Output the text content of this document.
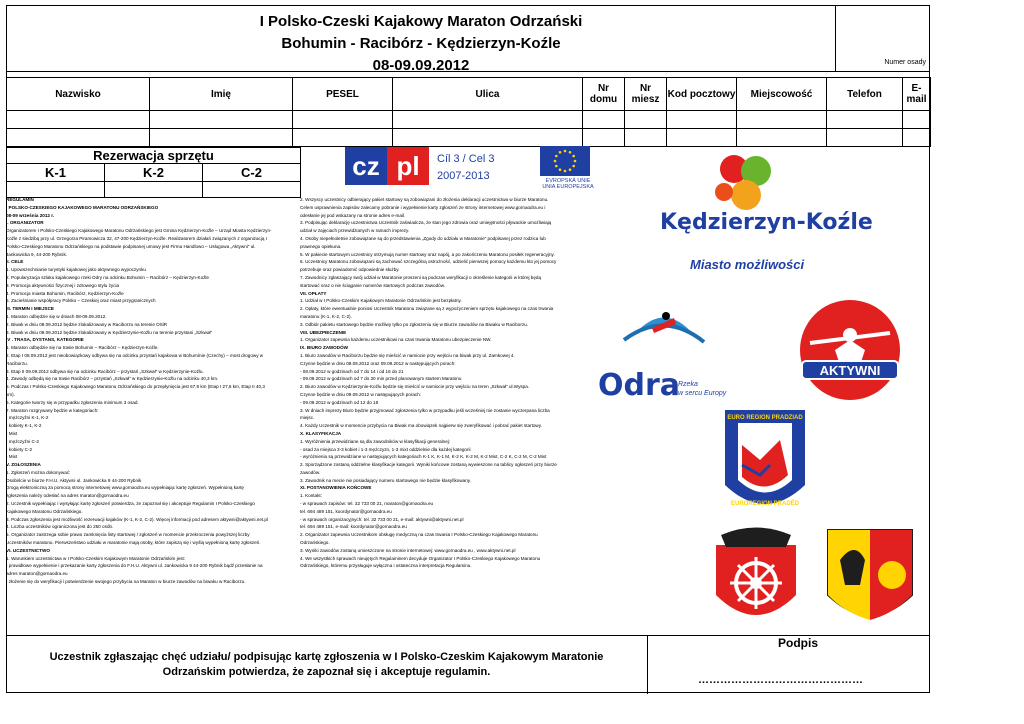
I Polsko-Czeski Kajakowy Maraton Odrzański
Bohumin - Racibórz - Kędzierzyn-Koźle
08-09.09.2012	Numer osady
Nazwisko	Imię	PESEL	Ulica	Nr domu	Nr miesz	Kod pocztowy	Miejscowość	Telefon	E-mail

Rezerwacja sprzętu		
K-1	K-2	C-2
			cz pl Cíl 3 / Cel 3
2007-2013	EVROPSKÁ UNIE
UNIA EUROPEJSKA
Kędzierzyn-Koźle
Miasto możliwości
REGULAMIN
I POLSKO-CZESKIEGO KAJAKOWEGO MARATONU ODRZAŃSKIEGO
08-09 września 2012 r.
I. ORGANIZATOR
Organizatorem I Polsko-Czeskiego Kajakowego Maratonu Odrzańskiego jest Gmina Kędzierzyn-Koźle – Urząd Miasta Kędzierzyn-
Koźle z siedzibą przy ul. Grzegorza Piramowicza 32, 47-200 Kędzierzyn-Koźle. Realizatorem działań związanych z organizacją I
Polsko-Czeskiego Maratonu Odrzańskiego na podstawie podpisanej umowy jest Firma Handlowo – Usługowa „Aktywni" ul.
Jankowicka 9, 44-200 Rybnik.
II. CELE
1. Upowszechnianie turystyki kajakowej jako aktywnego wypoczynku
2. Popularyzacja szlaku kajakowego rzeki Odry na odcinku Bohumin – Racibórz – Kędzierzyn-Koźle
3. Promocja aktywności fizycznej i zdrowego stylu życia
4. Promocja miasta Bohumin, Racibórz, Kędzierzyn-Koźle
5. Zacieśnianie współpracy Polsko – Czeskiej oraz miast przygranicznych
III. TERMIN I MIEJSCE
1. Maraton odbędzie się w dniach 08-09.09.2012.
2. Biwak w dniu 08.09.2012 będzie zlokalizowany w Raciborzu na terenie OSiR
3. Biwak w dniu 09.09.2012 będzie zlokalizowany w Kędzierzynie-Koźlu na terenie przystani „Szkwał"
IV . TRASA, DYSTANS, KATEGORIE
1. Maraton odbędzie się na trasie Bohumin – Racibórz – Kędzierzyn-Koźle.
2. Etap I 08.09.2012 jest nieobowiązkowy odbywa się na odcinku przystań kajakowa w Bohumínie (Czechy) – most drogowy w
Raciborzu.
3. Etap II 09.09.2012 odbywa się na odcinku Racibórz – przystań „Szkwał" w Kędzierzynie-Koźlu.
4. Zawody odbędą się na trasie Racibórz – przystań „Szkwał" w Kędzierzynie-Koźlu na odcinku 40,3 km.
5. Podczas I Polsko-Czeskiego Kajakowego Maratonu Odrzańskiego do przepłynięcia jest 67,9 km (Etap I 27,6 km, Etap II 40,3
km).
6. Kategorie tworzy się w przypadku zgłoszenia minimum 3 osad.
7. Maraton rozgrywany będzie w kategoriach:
- mężczyźni K-1, K-2
- kobiety K-1, K-2
- Mixt
- mężczyźni C-2
- kobiety C-2
- Mixt
V. ZGŁOSZENIA
1. Zgłoszeń można dokonywać:
Osobiście w biurze F.H.U. Aktywni ul. Jankowicka 9 44-200 Rybnik
Drogą elektroniczną za pomocą strony internetowej www.gornaodra.eu wypełniając kartę zgłoszeń. Wypełnioną kartę
zgłoszenia należy odesłać na adres maraton@gornaodra.eu
2. Uczestnik wypełniając i wysyłając kartę zgłoszeń potwierdza, że zapoznał się i akceptuje Regulamin I Polsko-Czeskiego
Kajakowego Maratonu Odrzańskiego.
3. Podczas zgłoszenia jest możliwość rezerwacji kajaków (K-1, K-2, C-2). Więcej informacji pod adresem aktywni@aktywni.net.pl
4. Liczba uczestników ograniczona jest do 250 osób.
5. Organizator zastrzega sobie prawo zamknięcia listy startowej / zgłoszeń w momencie przekroczenia powyższej liczby
Uczestników maratonu. Pierwszeństwo udziału w maratonie mają osoby, które zapiszą się i wyślą wypełnioną kartę zgłoszeń.
VI. UCZESTNICTWO
1. Warunkiem uczestnictwa w I Polsko-Czeskim Kajakowym Maratonie Odrzańskim jest:
- prawidłowe wypełnienie i przekazanie karty zgłoszenia do F.H.U. Aktywni ul. Jankowicka 9 44-200 Rybnik bądź przesłanie na
adres maraton@gornaodra.eu
- złożenie się do weryfikacji i potwierdzenie swojego przybycia na Maraton w biurze zawodów na biwaku w Raciborzu.
2. Wszyscy uczestnicy odbierający pakiet startowy są zobowiązani do złożenia deklaracji uczestnictwa w biurze Maratonu.
Celem usprawnienia zapisów zalecamy pobranie i wypełnienie karty zgłoszeń ze strony internetowej www.gornaodra.eu i
odesłanie jej pod wskazany na stronie adres e-mail.
3. Podpisując deklarację uczestnictwa Uczestnik zaświadcza, że stan jego zdrowia oraz umiejętności pływackie umożliwiają
udział w zajęciach przewidzianych w ramach imprezy.
4. Osoby niepełnoletnie zobowiązane są do przedstawienia „Zgody do udziału w Maratonie" podpisanej przez rodzica lub
prawnego opiekuna.
5. W pakiecie startowym uczestnicy otrzymują numer startowy oraz napój, a po zakończeniu Maratonu posiłek regeneracyjny.
6. Uczestnicy Maratonu zobowiązani są zachować szczególną ostrożność, udzielić pierwszej pomocy każdemu kto jej pomocy
potrzebuje oraz powiadomić odpowiednie służby.
7. Zawodnicy zgłaszający swój udział w Maratonie proszeni są podczas weryfikacji o określenie kategorii w której będą
startować oraz o nie ściąganie numerów startowych podczas zawodów.
VII. OPŁATY
1. Udział w I Polsko-Czeskim Kajakowym Maratonie Odrzańskim jest bezpłatny.
2. Opłaty, które ewentualnie poniosi Uczestnik Maratonu związane są z wypożyczeniem sprzętu kajakowego na czas trwania
maratonu (K-1, K-2, C-2).
3. Odbiór pakietu startowego będzie możliwy tylko po zgłoszeniu się w Biurze zawodów na Biwaku w Raciborzu.
VIII. UBEZPIECZENIE
1. Organizator zapewnia każdemu uczestnikowi na czas trwania Maratonu ubezpieczenie NW.
IX. BIURO ZAWODÓW
1. Biuro zawodów w Raciborzu będzie się mieścić w namiocie przy wejściu na biwak przy ul. Zamkowej 4.
Czynne będzie w dniu 08.09.2012 oraz 09.09.2012 w następujących porach:
- 08.09.2012 w godzinach od 7 do 14 i od 16 do 21
- 09.09.2012 w godzinach od 7 do 30 min przed planowanym startem Maratonu
2. Biuro zawodów w Kędzierzynie-Koźlu będzie się mieścić w namiocie przy wejściu na teren „Szkwał" ul.Wyspa.
Czynne będzie w dniu 09.09.2012 w następujących porach:
- 09.09.2012 w godzinach od 12 do 18
3. W dniach imprezy Biuro będzie przyjmować zgłoszenia tylko w przypadku jeśli wcześniej nie zostanie wyczerpana liczba
miejsc.
4. Każdy Uczestnik w momencie przybycia na Biwak ma obowiązek najpierw się zweryfikować i pobrać pakiet startowy.
X. KLASYFIKACJA
1. Wyróżnienia przewidziane są dla zawodników w klasyfikacji generalnej:
- osad za miejsca 3-3 kobiet i 1-3 mężczyzn, 1-3 mixt oddzielnie dla każdej kategorii
- wyróżnienia są przewidziane w następujących kategoriach K-1 K, K-1 M, K-2 K, K-2 M, K-2 Mixt, C-2 K, C-2 M, C-2 Mixt
2. Sporządzone zostaną oddzielne klasyfikacje kategorii. Wyniki końcowe zostaną wywieszone na tablicy ogłoszeń przy biurze
zawodów.
3. Zawodnik na mecie nie posiadający numeru startowego nie będzie klasyfikowany.
XI. POSTANOWIENIA KOŃCOWE
1. Kontakt:
- w sprawach zapisów: tel. 32 733 00 21, maraton@gornaodra.eu
tel. 694 489 151, koordynator@gornaodra.eu
- w sprawach organizacyjnych: tel. 32 733 00 21, e-mail: aktywni@aktywni.net.pl
tel. 694 489 151, e-mail: koordynator@gornaodra.eu
2. Organizator zapewnia Uczestnikom obsługę medyczną na czas trwania I Polsko-Czeskiego Kajakowego Maratonu
Odrzańskiego.
3. Wyniki zawodów zostaną umieszczone na stronie internetowej: www.gornaodra.eu , www.aktywni.net.pl
4. We wszystkich sprawach nieujętych Regulaminem decyduje Organizator I Polsko-Czeskiego Kajakowego Maratonu
Odrzańskiego, któremu przysługuje wyłączna i ostateczna interpretacja Regulaminu.
Odra
Rzeka
w sercu Europy
AKTYWNI
EURO REGION PRADZIAD
EUROREGION PRADĚD
Uczestnik zgłaszając chęć udziału/ podpisując kartę zgłoszenia w I Polsko-Czeskim Kajakowym Maratonie
Odrzańskim potwierdza, że zapoznał się i akceptuje regulamin.
Podpis
………………………………………
